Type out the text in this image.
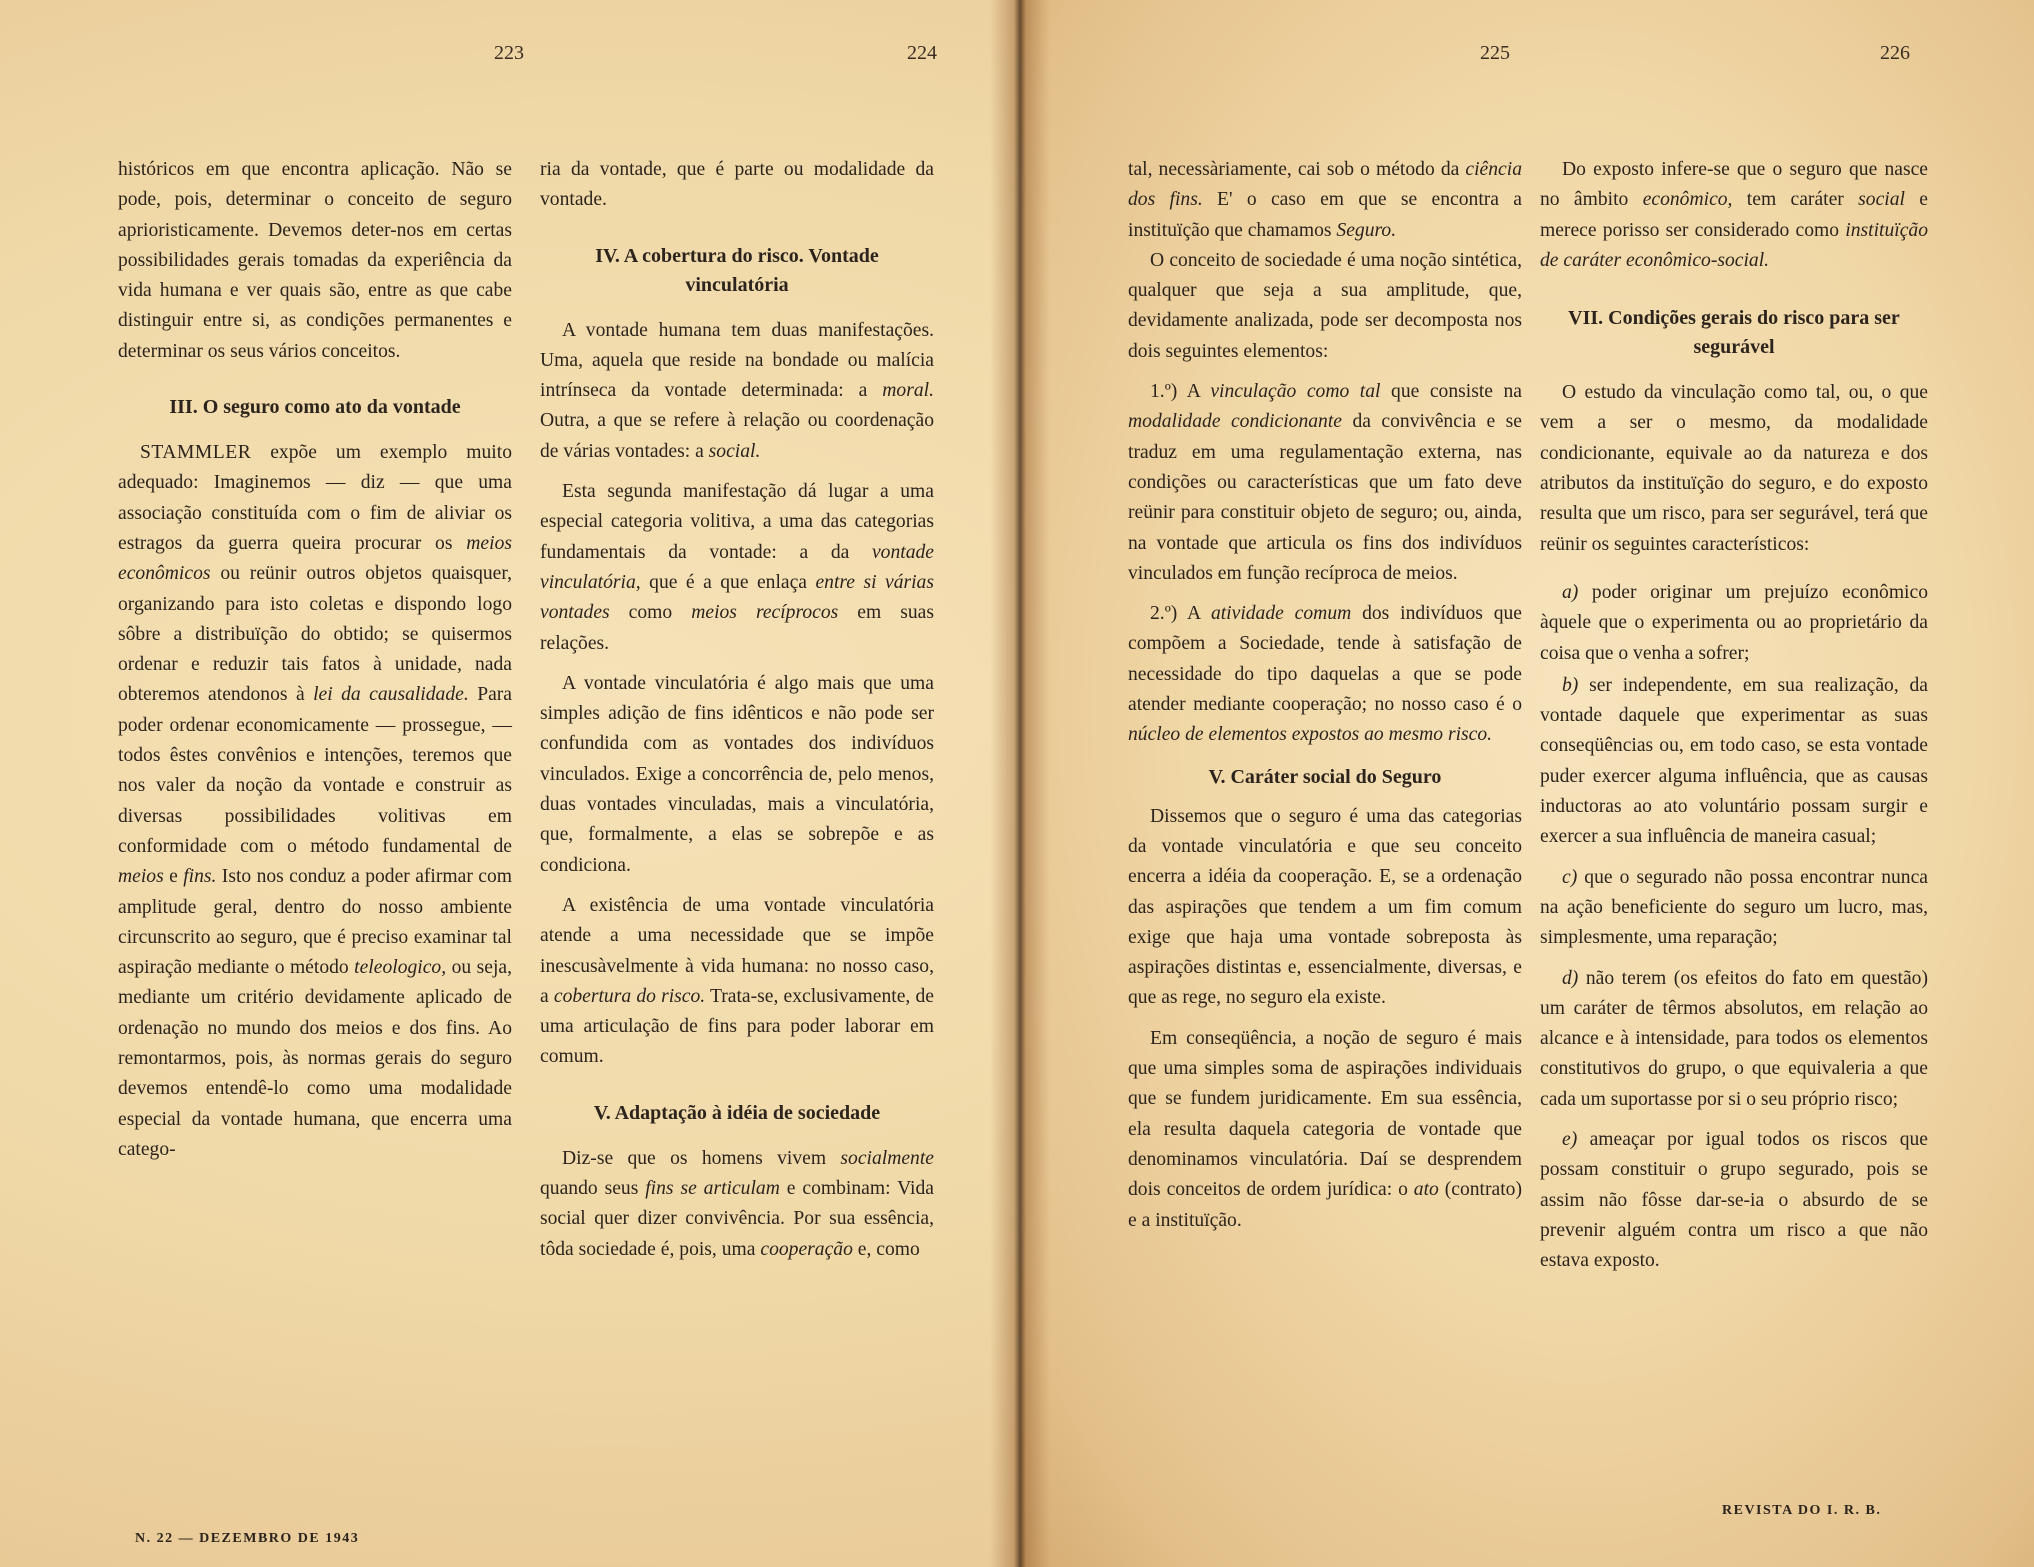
223	224	225	226

históricos em que encontra aplicação. Não se pode, pois, determinar o conceito de seguro aprioristicamente. Devemos deter-nos em certas possibilidades gerais tomadas da experiência da vida humana e ver quais são, entre as que cabe distinguir entre si, as condições permanentes e determinar os seus vários conceitos.

III. O seguro como ato da vontade

STAMMLER expõe um exemplo muito adequado: Imaginemos — diz — que uma associação constituída com o fim de aliviar os estragos da guerra queira procurar os meios econômicos ou reünir outros objetos quaisquer, organizando para isto coletas e dispondo logo sôbre a distribuïção do obtido; se quisermos ordenar e reduzir tais fatos à unidade, nada obteremos atendonos à lei da causalidade. Para poder ordenar economicamente — prossegue, — todos êstes convênios e intenções, teremos que nos valer da noção da vontade e construir as diversas possibilidades volitivas em conformidade com o método fundamental de meios e fins. Isto nos conduz a poder afirmar com amplitude geral, dentro do nosso ambiente circunscrito ao seguro, que é preciso examinar tal aspiração mediante o método teleologico, ou seja, mediante um critério devidamente aplicado de ordenação no mundo dos meios e dos fins. Ao remontarmos, pois, às normas gerais do seguro devemos entendê-lo como uma modalidade especial da vontade humana, que encerra uma catego-

ria da vontade, que é parte ou modalidade da vontade.

IV. A cobertura do risco. Vontade vinculatória

A vontade humana tem duas manifestações. Uma, aquela que reside na bondade ou malícia intrínseca da vontade determinada: a moral. Outra, a que se refere à relação ou coordenação de várias vontades: a social.

Esta segunda manifestação dá lugar a uma especial categoria volitiva, a uma das categorias fundamentais da vontade: a da vontade vinculatória, que é a que enlaça entre si várias vontades como meios recíprocos em suas relações.

A vontade vinculatória é algo mais que uma simples adição de fins idênticos e não pode ser confundida com as vontades dos indivíduos vinculados. Exige a concorrência de, pelo menos, duas vontades vinculadas, mais a vinculatória, que, formalmente, a elas se sobrepõe e as condiciona.

A existência de uma vontade vinculatória atende a uma necessidade que se impõe inescusàvelmente à vida humana: no nosso caso, a cobertura do risco. Trata-se, exclusivamente, de uma articulação de fins para poder laborar em comum.

V. Adaptação à idéia de sociedade

Diz-se que os homens vivem socialmente quando seus fins se articulam e combinam: Vida social quer dizer convivência. Por sua essência, tôda sociedade é, pois, uma cooperação e, como

tal, necessàriamente, cai sob o método da ciência dos fins. E' o caso em que se encontra a instituïção que chamamos Seguro.

O conceito de sociedade é uma noção sintética, qualquer que seja a sua amplitude, que, devidamente analizada, pode ser decomposta nos dois seguintes elementos:

1.º) A vinculação como tal que consiste na modalidade condicionante da convivência e se traduz em uma regulamentação externa, nas condições ou características que um fato deve reünir para constituir objeto de seguro; ou, ainda, na vontade que articula os fins dos indivíduos vinculados em função recíproca de meios.

2.º) A atividade comum dos indivíduos que compõem a Sociedade, tende à satisfação de necessidade do tipo daquelas a que se pode atender mediante cooperação; no nosso caso é o núcleo de elementos expostos ao mesmo risco.

V. Caráter social do Seguro

Dissemos que o seguro é uma das categorias da vontade vinculatória e que seu conceito encerra a idéia da cooperação. E, se a ordenação das aspirações que tendem a um fim comum exige que haja uma vontade sobreposta às aspirações distintas e, essencialmente, diversas, e que as rege, no seguro ela existe.

Em conseqüência, a noção de seguro é mais que uma simples soma de aspirações individuais que se fundem juridicamente. Em sua essência, ela resulta daquela categoria de vontade que denominamos vinculatória. Daí se desprendem dois conceitos de ordem jurídica: o ato (contrato) e a instituïção.

Do exposto infere-se que o seguro que nasce no âmbito econômico, tem caráter social e merece porisso ser considerado como instituïção de caráter econômico-social.

VII. Condições gerais do risco para ser segurável

O estudo da vinculação como tal, ou, o que vem a ser o mesmo, da modalidade condicionante, equivale ao da natureza e dos atributos da instituïção do seguro, e do exposto resulta que um risco, para ser segurável, terá que reünir os seguintes característicos:

a) poder originar um prejuízo econômico àquele que o experimenta ou ao proprietário da coisa que o venha a sofrer;

b) ser independente, em sua realização, da vontade daquele que experimentar as suas conseqüências ou, em todo caso, se esta vontade puder exercer alguma influência, que as causas inductoras ao ato voluntário possam surgir e exercer a sua influência de maneira casual;

c) que o segurado não possa encontrar nunca na ação beneficiente do seguro um lucro, mas, simplesmente, uma reparação;

d) não terem (os efeitos do fato em questão) um caráter de têrmos absolutos, em relação ao alcance e à intensidade, para todos os elementos constitutivos do grupo, o que equivaleria a que cada um suportasse por si o seu próprio risco;

e) ameaçar por igual todos os riscos que possam constituir o grupo segurado, pois se assim não fôsse dar-se-ia o absurdo de se prevenir alguém contra um risco a que não estava exposto.

N. 22 — DEZEMBRO DE 1943
REVISTA DO I. R. B.
